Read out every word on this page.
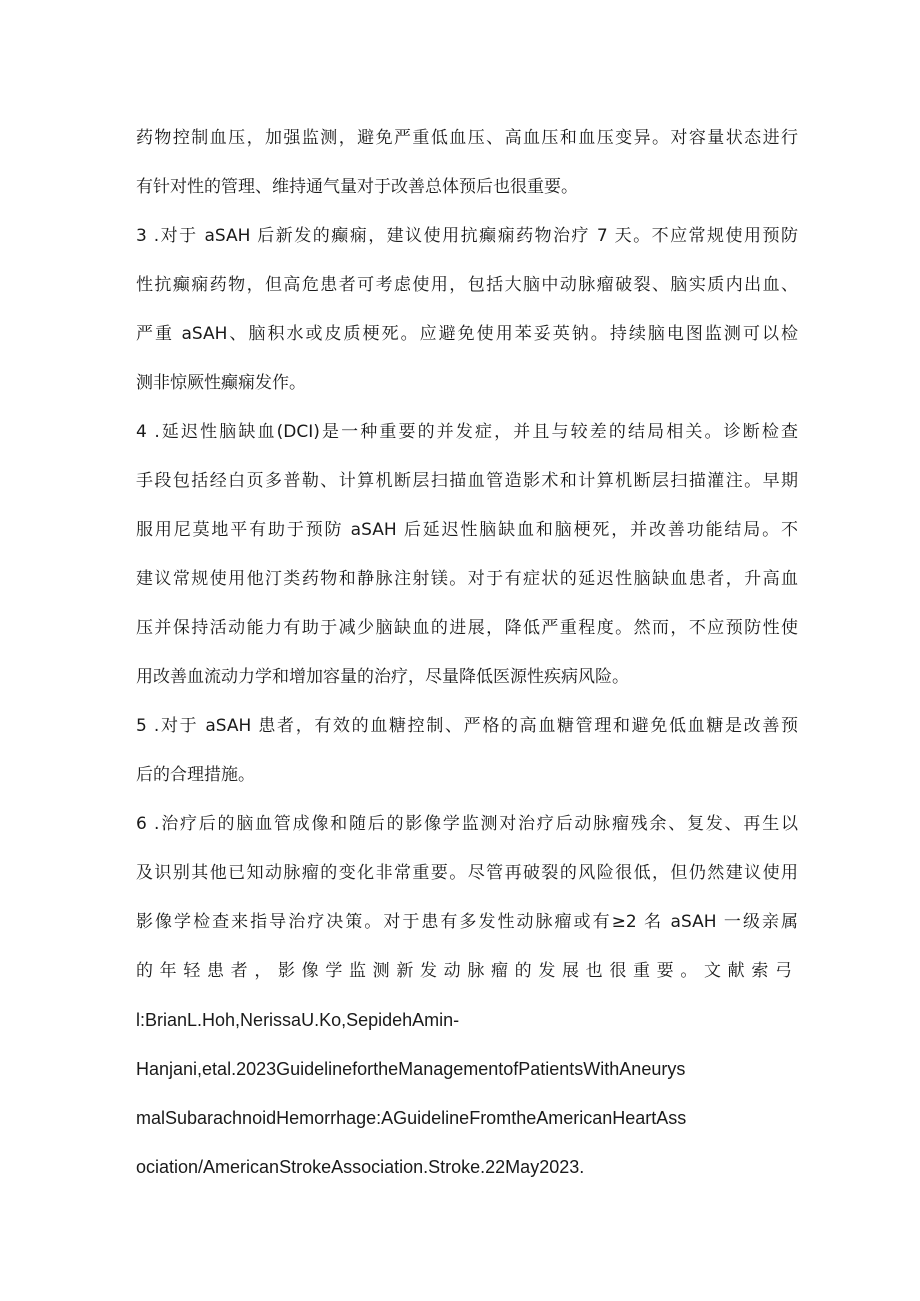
药物控制血压，加强监测，避免严重低血压、高血压和血压变异。对容量状态进行
有针对性的管理、维持通气量对于改善总体预后也很重要。
3 .对于 aSAH 后新发的癫痫，建议使用抗癫痫药物治疗 7 天。不应常规使用预防
性抗癫痫药物，但高危患者可考虑使用，包括大脑中动脉瘤破裂、脑实质内出血、
严重 aSAH、脑积水或皮质梗死。应避免使用苯妥英钠。持续脑电图监测可以检
测非惊厥性癫痫发作。
4 .延迟性脑缺血(DCI)是一种重要的并发症，并且与较差的结局相关。诊断检查
手段包括经白页多普勒、计算机断层扫描血管造影术和计算机断层扫描灌注。早期
服用尼莫地平有助于预防 aSAH 后延迟性脑缺血和脑梗死，并改善功能结局。不
建议常规使用他汀类药物和静脉注射镁。对于有症状的延迟性脑缺血患者，升高血
压并保持活动能力有助于减少脑缺血的进展，降低严重程度。然而，不应预防性使
用改善血流动力学和增加容量的治疗，尽量降低医源性疾病风险。
5 .对于 aSAH 患者，有效的血糖控制、严格的高血糖管理和避免低血糖是改善预
后的合理措施。
6 .治疗后的脑血管成像和随后的影像学监测对治疗后动脉瘤残余、复发、再生以
及识别其他已知动脉瘤的变化非常重要。尽管再破裂的风险很低，但仍然建议使用
影像学检查来指导治疗决策。对于患有多发性动脉瘤或有≥2 名 aSAH 一级亲属
的年轻患者，影像学监测新发动脉瘤的发展也很重要。文献索弓
l:BrianL.Hoh,NerissaU.Ko,SepidehAmin-
Hanjani,etal.2023GuidelinefortheManagementofPatientsWithAneurys
malSubarachnoidHemorrhage:AGuidelineFromtheAmericanHeartAss
ociation/AmericanStrokeAssociation.Stroke.22May2023.
